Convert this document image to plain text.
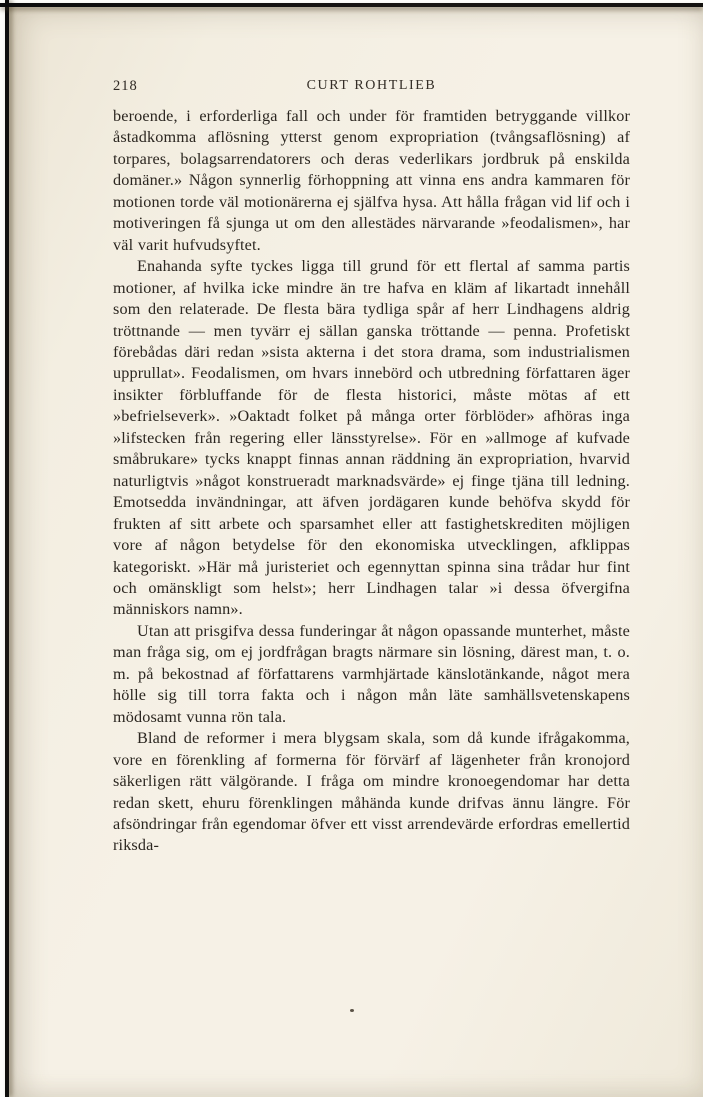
218	CURT ROHTLIEB

beroende, i erforderliga fall och under för framtiden betryggande villkor åstadkomma aflösning ytterst genom expropriation (tvångsaflösning) af torpares, bolagsarrendatorers och deras vederlikars jordbruk på enskilda domäner.» Någon synnerlig förhoppning att vinna ens andra kammaren för motionen torde väl motionärerna ej själfva hysa. Att hålla frågan vid lif och i motiveringen få sjunga ut om den allestädes närvarande »feodalismen», har väl varit hufvudsyftet.

Enahanda syfte tyckes ligga till grund för ett flertal af samma partis motioner, af hvilka icke mindre än tre hafva en kläm af likartadt innehåll som den relaterade. De flesta bära tydliga spår af herr Lindhagens aldrig tröttnande — men tyvärr ej sällan ganska tröttande — penna. Profetiskt förebådas däri redan »sista akterna i det stora drama, som industrialismen upprullat». Feodalismen, om hvars innebörd och utbredning författaren äger insikter förbluffande för de flesta historici, måste mötas af ett »befrielseverk». »Oaktadt folket på många orter förblöder» afhöras inga »lifstecken från regering eller länsstyrelse». För en »allmoge af kufvade småbrukare» tycks knappt finnas annan räddning än expropriation, hvarvid naturligtvis »något konstrueradt marknadsvärde» ej finge tjäna till ledning. Emotsedda invändningar, att äfven jordägaren kunde behöfva skydd för frukten af sitt arbete och sparsamhet eller att fastighetskrediten möjligen vore af någon betydelse för den ekonomiska utvecklingen, afklippas kategoriskt. »Här må juristeriet och egennyttan spinna sina trådar hur fint och omänskligt som helst»; herr Lindhagen talar »i dessa öfvergifna människors namn».

Utan att prisgifva dessa funderingar åt någon opassande munterhet, måste man fråga sig, om ej jordfrågan bragts närmare sin lösning, därest man, t. o. m. på bekostnad af författarens varmhjärtade känslotänkande, något mera hölle sig till torra fakta och i någon mån läte samhällsvetenskapens mödosamt vunna rön tala.

Bland de reformer i mera blygsam skala, som då kunde ifrågakomma, vore en förenkling af formerna för förvärf af lägenheter från kronojord säkerligen rätt välgörande. I fråga om mindre kronoegendomar har detta redan skett, ehuru förenklingen måhända kunde drifvas ännu längre. För afsöndringar från egendomar öfver ett visst arrendevärde erfordras emellertid riksda-
